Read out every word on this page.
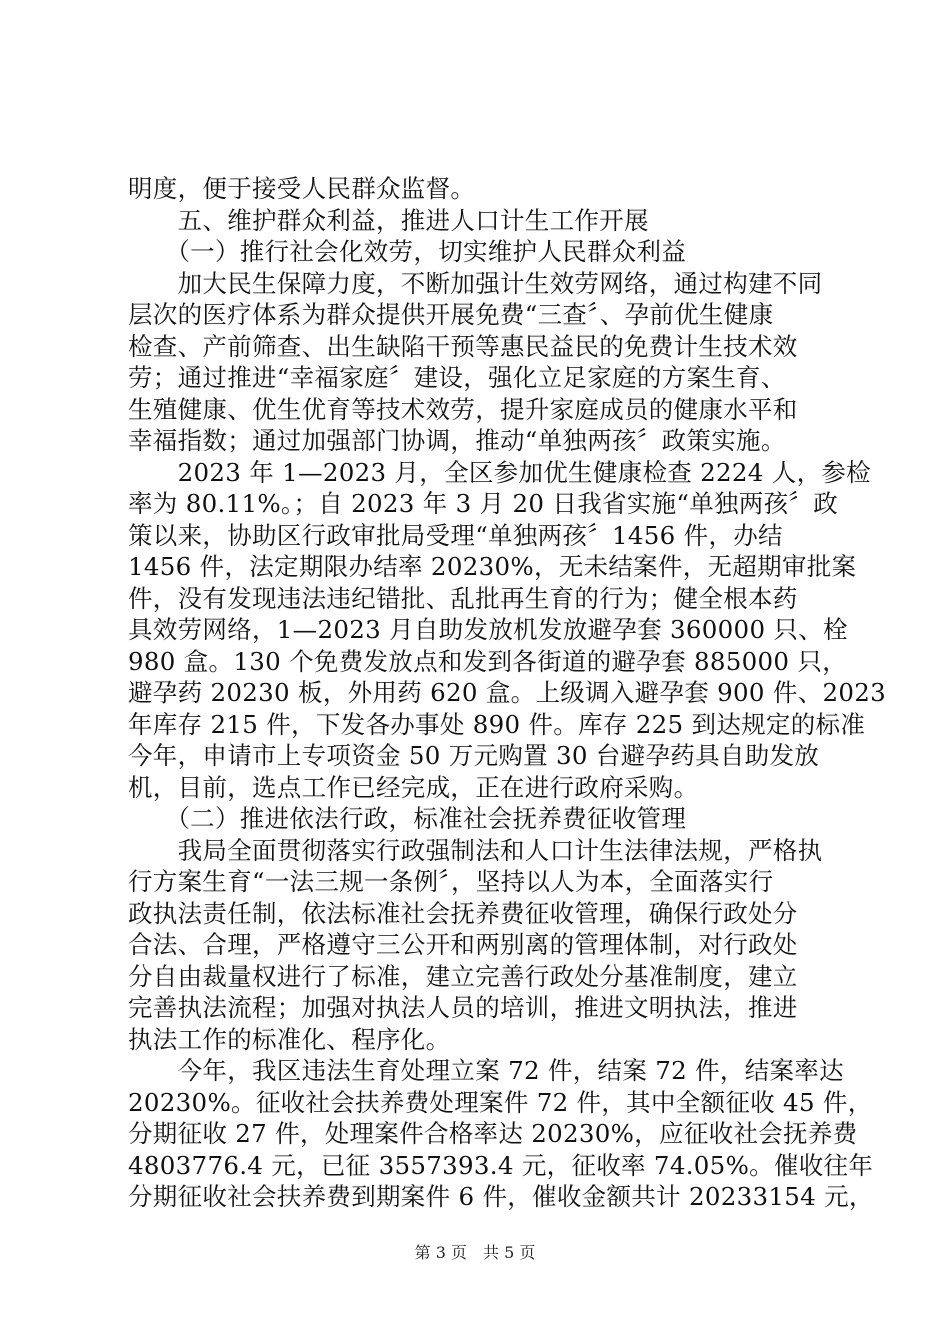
明度，便于接受人民群众监督。
　　五、维护群众利益，推进人口计生工作开展
　　（一）推行社会化效劳，切实维护人民群众利益
　　加大民生保障力度，不断加强计生效劳网络，通过构建不同
层次的医疗体系为群众提供开展免费“三查〞、孕前优生健康
检查、产前筛查、出生缺陷干预等惠民益民的免费计生技术效
劳；通过推进“幸福家庭〞建设，强化立足家庭的方案生育、
生殖健康、优生优育等技术效劳，提升家庭成员的健康水平和
幸福指数；通过加强部门协调，推动“单独两孩〞政策实施。
　　2023 年 1—2023 月，全区参加优生健康检查 2224 人，参检
率为 80.11%。；自 2023 年 3 月 20 日我省实施“单独两孩〞政
策以来，协助区行政审批局受理“单独两孩〞1456 件，办结
1456 件，法定期限办结率 20230%，无未结案件，无超期审批案
件，没有发现违法违纪错批、乱批再生育的行为；健全根本药
具效劳网络，1—2023 月自助发放机发放避孕套 360000 只、栓
980 盒。130 个免费发放点和发到各街道的避孕套 885000 只，
避孕药 20230 板，外用药 620 盒。上级调入避孕套 900 件、2023
年库存 215 件，下发各办事处 890 件。库存 225 到达规定的标准
今年，申请市上专项资金 50 万元购置 30 台避孕药具自助发放
机，目前，选点工作已经完成，正在进行政府采购。
　　（二）推进依法行政，标准社会抚养费征收管理
　　我局全面贯彻落实行政强制法和人口计生法律法规，严格执
行方案生育“一法三规一条例〞，坚持以人为本，全面落实行
政执法责任制，依法标准社会抚养费征收管理，确保行政处分
合法、合理，严格遵守三公开和两别离的管理体制，对行政处
分自由裁量权进行了标准，建立完善行政处分基准制度，建立
完善执法流程；加强对执法人员的培训，推进文明执法，推进
执法工作的标准化、程序化。
　　今年，我区违法生育处理立案 72 件，结案 72 件，结案率达
20230%。征收社会扶养费处理案件 72 件，其中全额征收 45 件，
分期征收 27 件，处理案件合格率达 20230%，应征收社会抚养费
4803776.4 元，已征 3557393.4 元，征收率 74.05%。催收往年
第 3 页　共 5 页
分期征收社会扶养费到期案件 6 件，催收金额共计 20233154 元，
